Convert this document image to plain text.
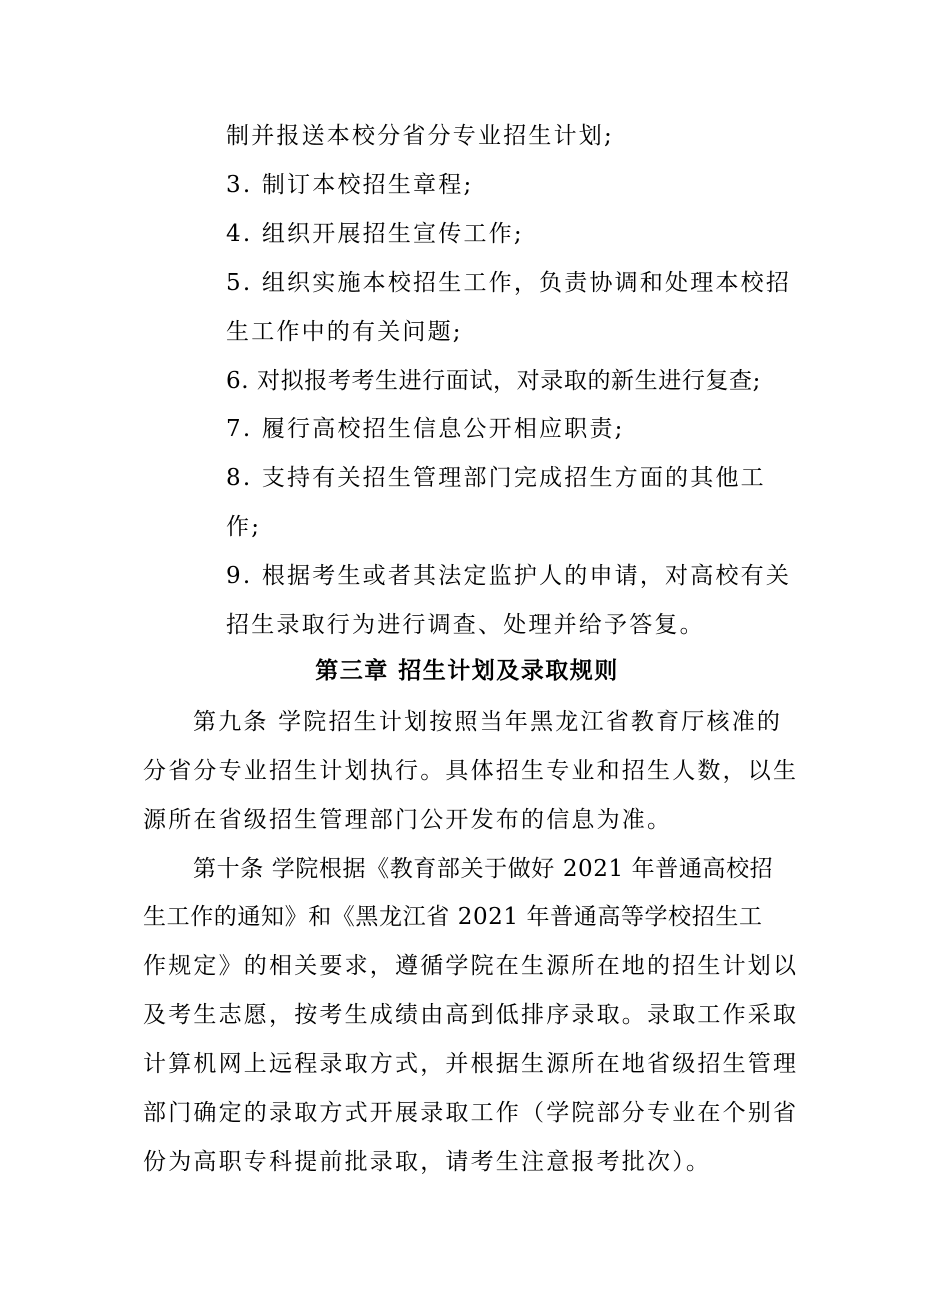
制并报送本校分省分专业招生计划;

3. 制订本校招生章程;

4. 组织开展招生宣传工作;

5. 组织实施本校招生工作，负责协调和处理本校招

生工作中的有关问题;

6. 对拟报考考生进行面试，对录取的新生进行复查;

7. 履行高校招生信息公开相应职责;

8. 支持有关招生管理部门完成招生方面的其他工

作;

9. 根据考生或者其法定监护人的申请，对高校有关

招生录取行为进行调查、处理并给予答复。

第三章 招生计划及录取规则

第九条 学院招生计划按照当年黑龙江省教育厅核准的

分省分专业招生计划执行。具体招生专业和招生人数，以生

源所在省级招生管理部门公开发布的信息为准。

第十条 学院根据《教育部关于做好 2021 年普通高校招

生工作的通知》和《黑龙江省 2021 年普通高等学校招生工

作规定》的相关要求，遵循学院在生源所在地的招生计划以

及考生志愿，按考生成绩由高到低排序录取。录取工作采取

计算机网上远程录取方式，并根据生源所在地省级招生管理

部门确定的录取方式开展录取工作（学院部分专业在个别省

份为高职专科提前批录取，请考生注意报考批次）。
